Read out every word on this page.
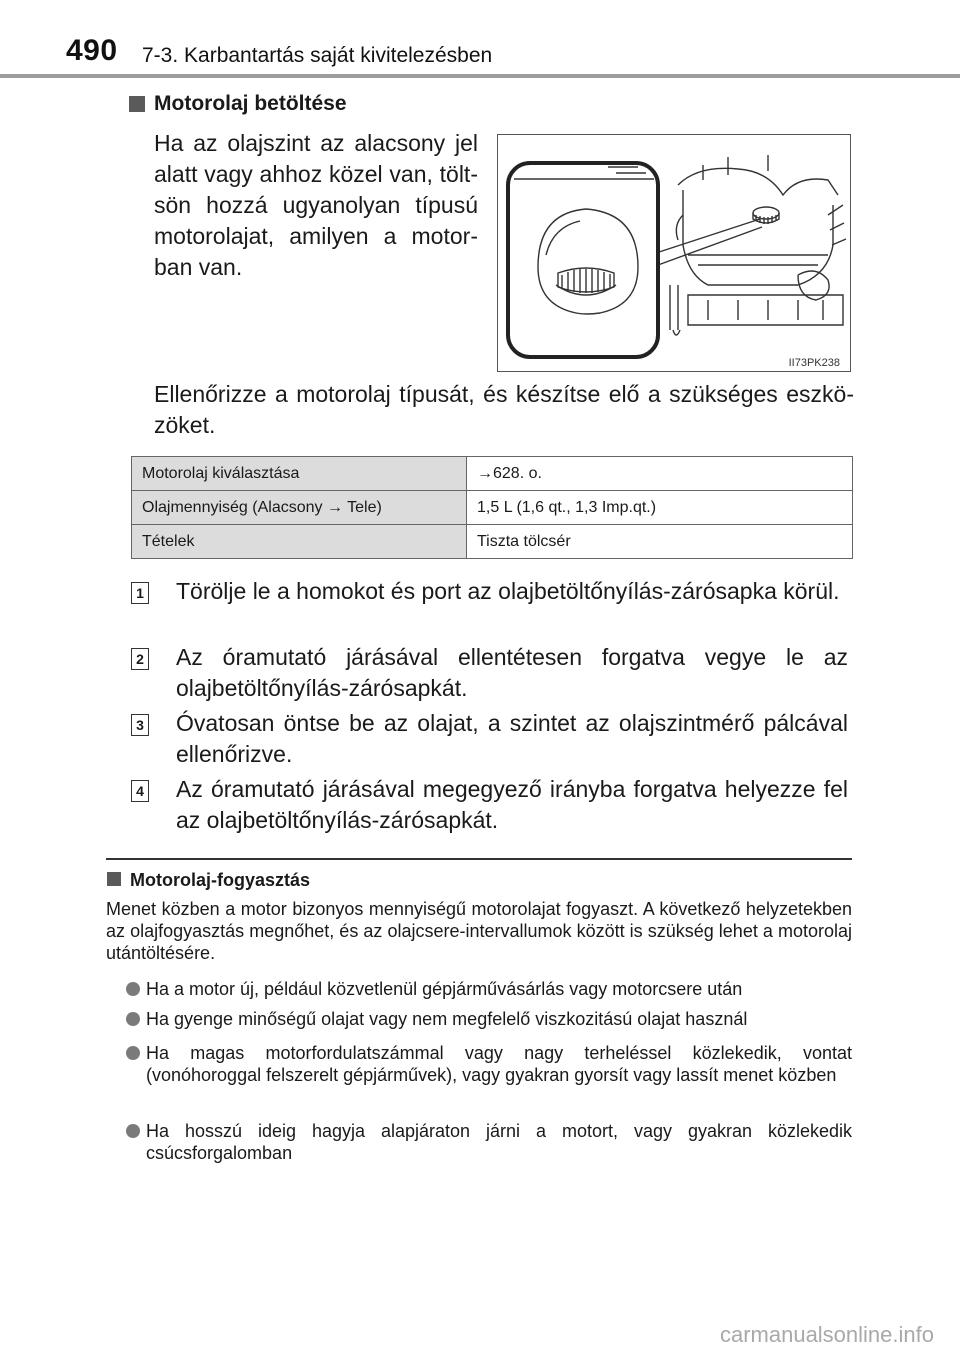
490 7-3. Karbantartás saját kivitelezésben
Motorolaj betöltése
Ha az olajszint az alacsony jel alatt vagy ahhoz közel van, töltsön hozzá ugyanolyan típusú motorolajat, amilyen a motorban van.
II73PK238
Ellenőrizze a motorolaj típusát, és készítse elő a szükséges eszközöket.
Motorolaj kiválasztása	→628. o.
Olajmennyiség (Alacsony → Tele)	1,5 L (1,6 qt., 1,3 Imp.qt.)
Tételek	Tiszta tölcsér
1 Törölje le a homokot és port az olajbetöltőnyílás-zárósapka körül.
2 Az óramutató járásával ellentétesen forgatva vegye le az olajbetöltőnyílás-zárósapkát.
3 Óvatosan öntse be az olajat, a szintet az olajszintmérő pálcával ellenőrizve.
4 Az óramutató járásával megegyező irányba forgatva helyezze fel az olajbetöltőnyílás-zárósapkát.
Motorolaj-fogyasztás
Menet közben a motor bizonyos mennyiségű motorolajat fogyaszt. A következő helyzetekben az olajfogyasztás megnőhet, és az olajcsere-intervallumok között is szükség lehet a motorolaj utántöltésére.
Ha a motor új, például közvetlenül gépjárművásárlás vagy motorcsere után
Ha gyenge minőségű olajat vagy nem megfelelő viszkozitású olajat használ
Ha magas motorfordulatszámmal vagy nagy terheléssel közlekedik, vontat (vonóhoroggal felszerelt gépjárművek), vagy gyakran gyorsít vagy lassít menet közben
Ha hosszú ideig hagyja alapjáraton járni a motort, vagy gyakran közlekedik csúcsforgalomban
carmanualsonline.info
